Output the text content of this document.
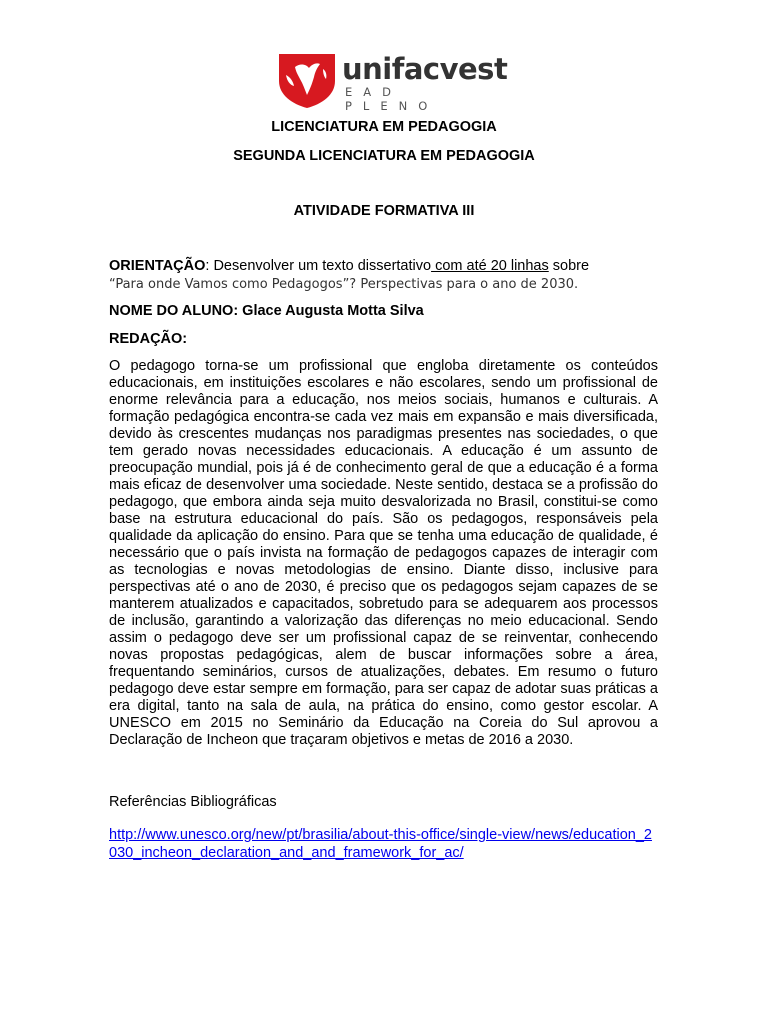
unifacvest
EAD PLENO
LICENCIATURA EM PEDAGOGIA
SEGUNDA LICENCIATURA EM PEDAGOGIA
ATIVIDADE FORMATIVA III
ORIENTAÇÃO: Desenvolver um texto dissertativo com até 20 linhas sobre
“Para onde Vamos como Pedagogos”? Perspectivas para o ano de 2030.
NOME DO ALUNO: Glace Augusta Motta Silva
REDAÇÃO:

O pedagogo torna-se um profissional que engloba diretamente os conteúdos educacionais, em instituições escolares e não escolares, sendo um profissional de enorme relevância para a educação, nos meios sociais, humanos e culturais. A formação pedagógica encontra-se cada vez mais em expansão e mais diversificada, devido às crescentes mudanças nos paradigmas presentes nas sociedades, o que tem gerado novas necessidades educacionais. A educação é um assunto de preocupação mundial, pois já é de conhecimento geral de que a educação é a forma mais eficaz de desenvolver uma sociedade. Neste sentido, destaca se a profissão do pedagogo, que embora ainda seja muito desvalorizada no Brasil, constitui-se como base na estrutura educacional do país. São os pedagogos, responsáveis pela qualidade da aplicação do ensino. Para que se tenha uma educação de qualidade, é necessário que o país invista na formação de pedagogos capazes de interagir com as tecnologias e novas metodologias de ensino. Diante disso, inclusive para perspectivas até o ano de 2030, é preciso que os pedagogos sejam capazes de se manterem atualizados e capacitados, sobretudo para se adequarem aos processos de inclusão, garantindo a valorização das diferenças no meio educacional. Sendo assim o pedagogo deve ser um profissional capaz de se reinventar, conhecendo novas propostas pedagógicas, alem de buscar informações sobre a área, frequentando seminários, cursos de atualizações, debates. Em resumo o futuro pedagogo deve estar sempre em formação, para ser capaz de adotar suas práticas a era digital, tanto na sala de aula, na prática do ensino, como gestor escolar. A UNESCO em 2015 no Seminário da Educação na Coreia do Sul aprovou a Declaração de Incheon que traçaram objetivos e metas de 2016 a 2030.

Referências Bibliográficas
http://www.unesco.org/new/pt/brasilia/about-this-office/single-view/news/education_2030_incheon_declaration_and_and_framework_for_ac/
